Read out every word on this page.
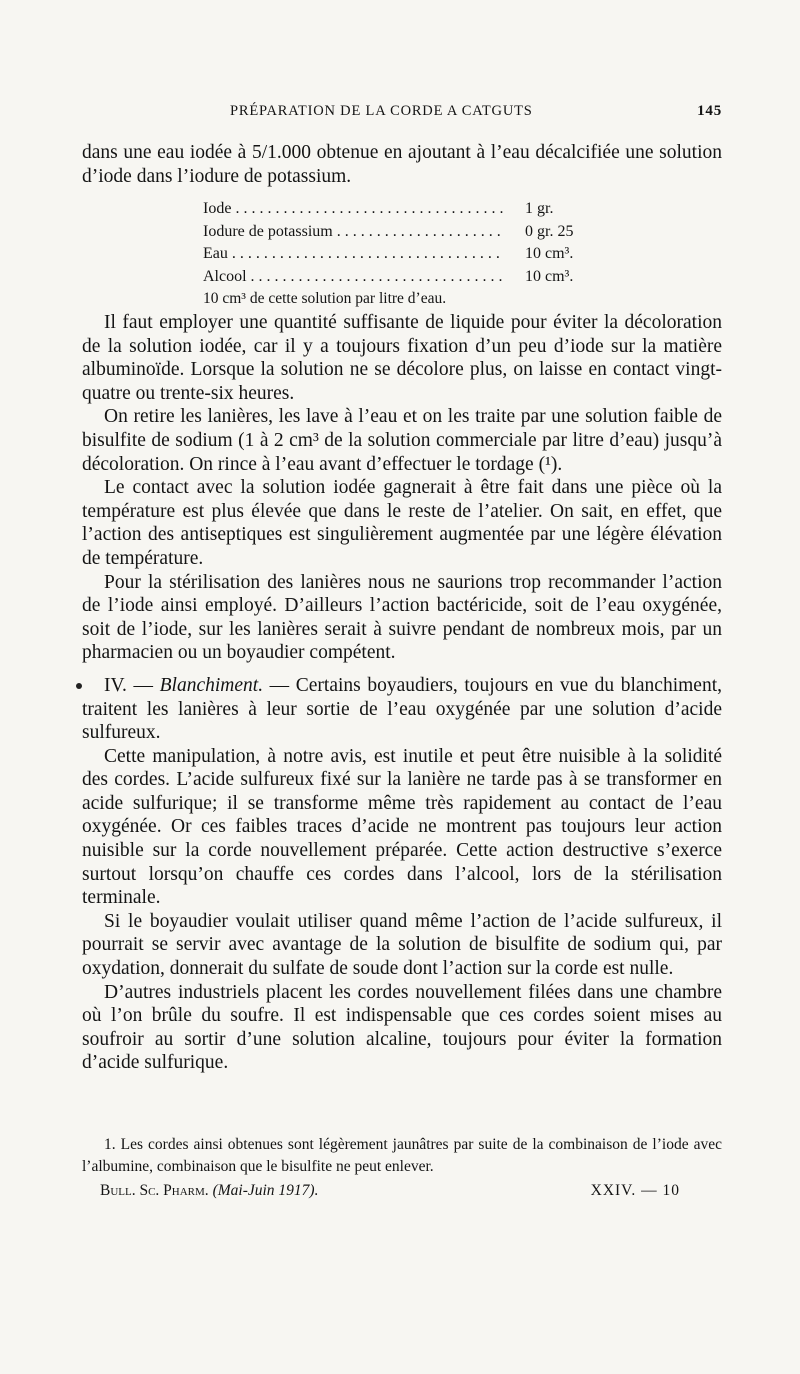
PRÉPARATION DE LA CORDE A CATGUTS	145

dans une eau iodée à 5/1.000 obtenue en ajoutant à l’eau décalcifiée une solution d’iode dans l’iodure de potassium.

Iode . . .	1 gr.
Iodure de potassium . . .	0 gr. 25
Eau . . .	10 cm³.
Alcool . . .	10 cm³.
10 cm³ de cette solution par litre d’eau.

Il faut employer une quantité suffisante de liquide pour éviter la décoloration de la solution iodée, car il y a toujours fixation d’un peu d’iode sur la matière albuminoïde. Lorsque la solution ne se décolore plus, on laisse en contact vingt-quatre ou trente-six heures.

On retire les lanières, les lave à l’eau et on les traite par une solution faible de bisulfite de sodium (1 à 2 cm³ de la solution commerciale par litre d’eau) jusqu’à décoloration. On rince à l’eau avant d’effectuer le tordage (¹).

Le contact avec la solution iodée gagnerait à être fait dans une pièce où la température est plus élevée que dans le reste de l’atelier. On sait, en effet, que l’action des antiseptiques est singulièrement augmentée par une légère élévation de température.

Pour la stérilisation des lanières nous ne saurions trop recommander l’action de l’iode ainsi employé. D’ailleurs l’action bactéricide, soit de l’eau oxygénée, soit de l’iode, sur les lanières serait à suivre pendant de nombreux mois, par un pharmacien ou un boyaudier compétent.

IV. — Blanchiment. — Certains boyaudiers, toujours en vue du blanchiment, traitent les lanières à leur sortie de l’eau oxygénée par une solution d’acide sulfureux.

Cette manipulation, à notre avis, est inutile et peut être nuisible à la solidité des cordes. L’acide sulfureux fixé sur la lanière ne tarde pas à se transformer en acide sulfurique; il se transforme même très rapidement au contact de l’eau oxygénée. Or ces faibles traces d’acide ne montrent pas toujours leur action nuisible sur la corde nouvellement préparée. Cette action destructive s’exerce surtout lorsqu’on chauffe ces cordes dans l’alcool, lors de la stérilisation terminale.

Si le boyaudier voulait utiliser quand même l’action de l’acide sulfureux, il pourrait se servir avec avantage de la solution de bisulfite de sodium qui, par oxydation, donnerait du sulfate de soude dont l’action sur la corde est nulle.

D’autres industriels placent les cordes nouvellement filées dans une chambre où l’on brûle du soufre. Il est indispensable que ces cordes soient mises au soufroir au sortir d’une solution alcaline, toujours pour éviter la formation d’acide sulfurique.

1. Les cordes ainsi obtenues sont légèrement jaunâtres par suite de la combinaison de l’iode avec l’albumine, combinaison que le bisulfite ne peut enlever.

Bull. Sc. Pharm. (Mai-Juin 1917).	XXIV. — 10
